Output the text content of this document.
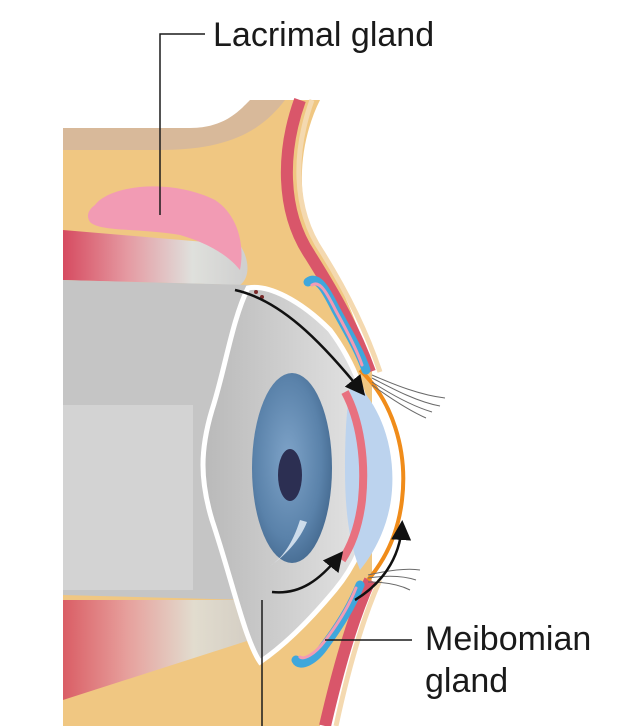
Lacrimal gland
Meibomian
gland
